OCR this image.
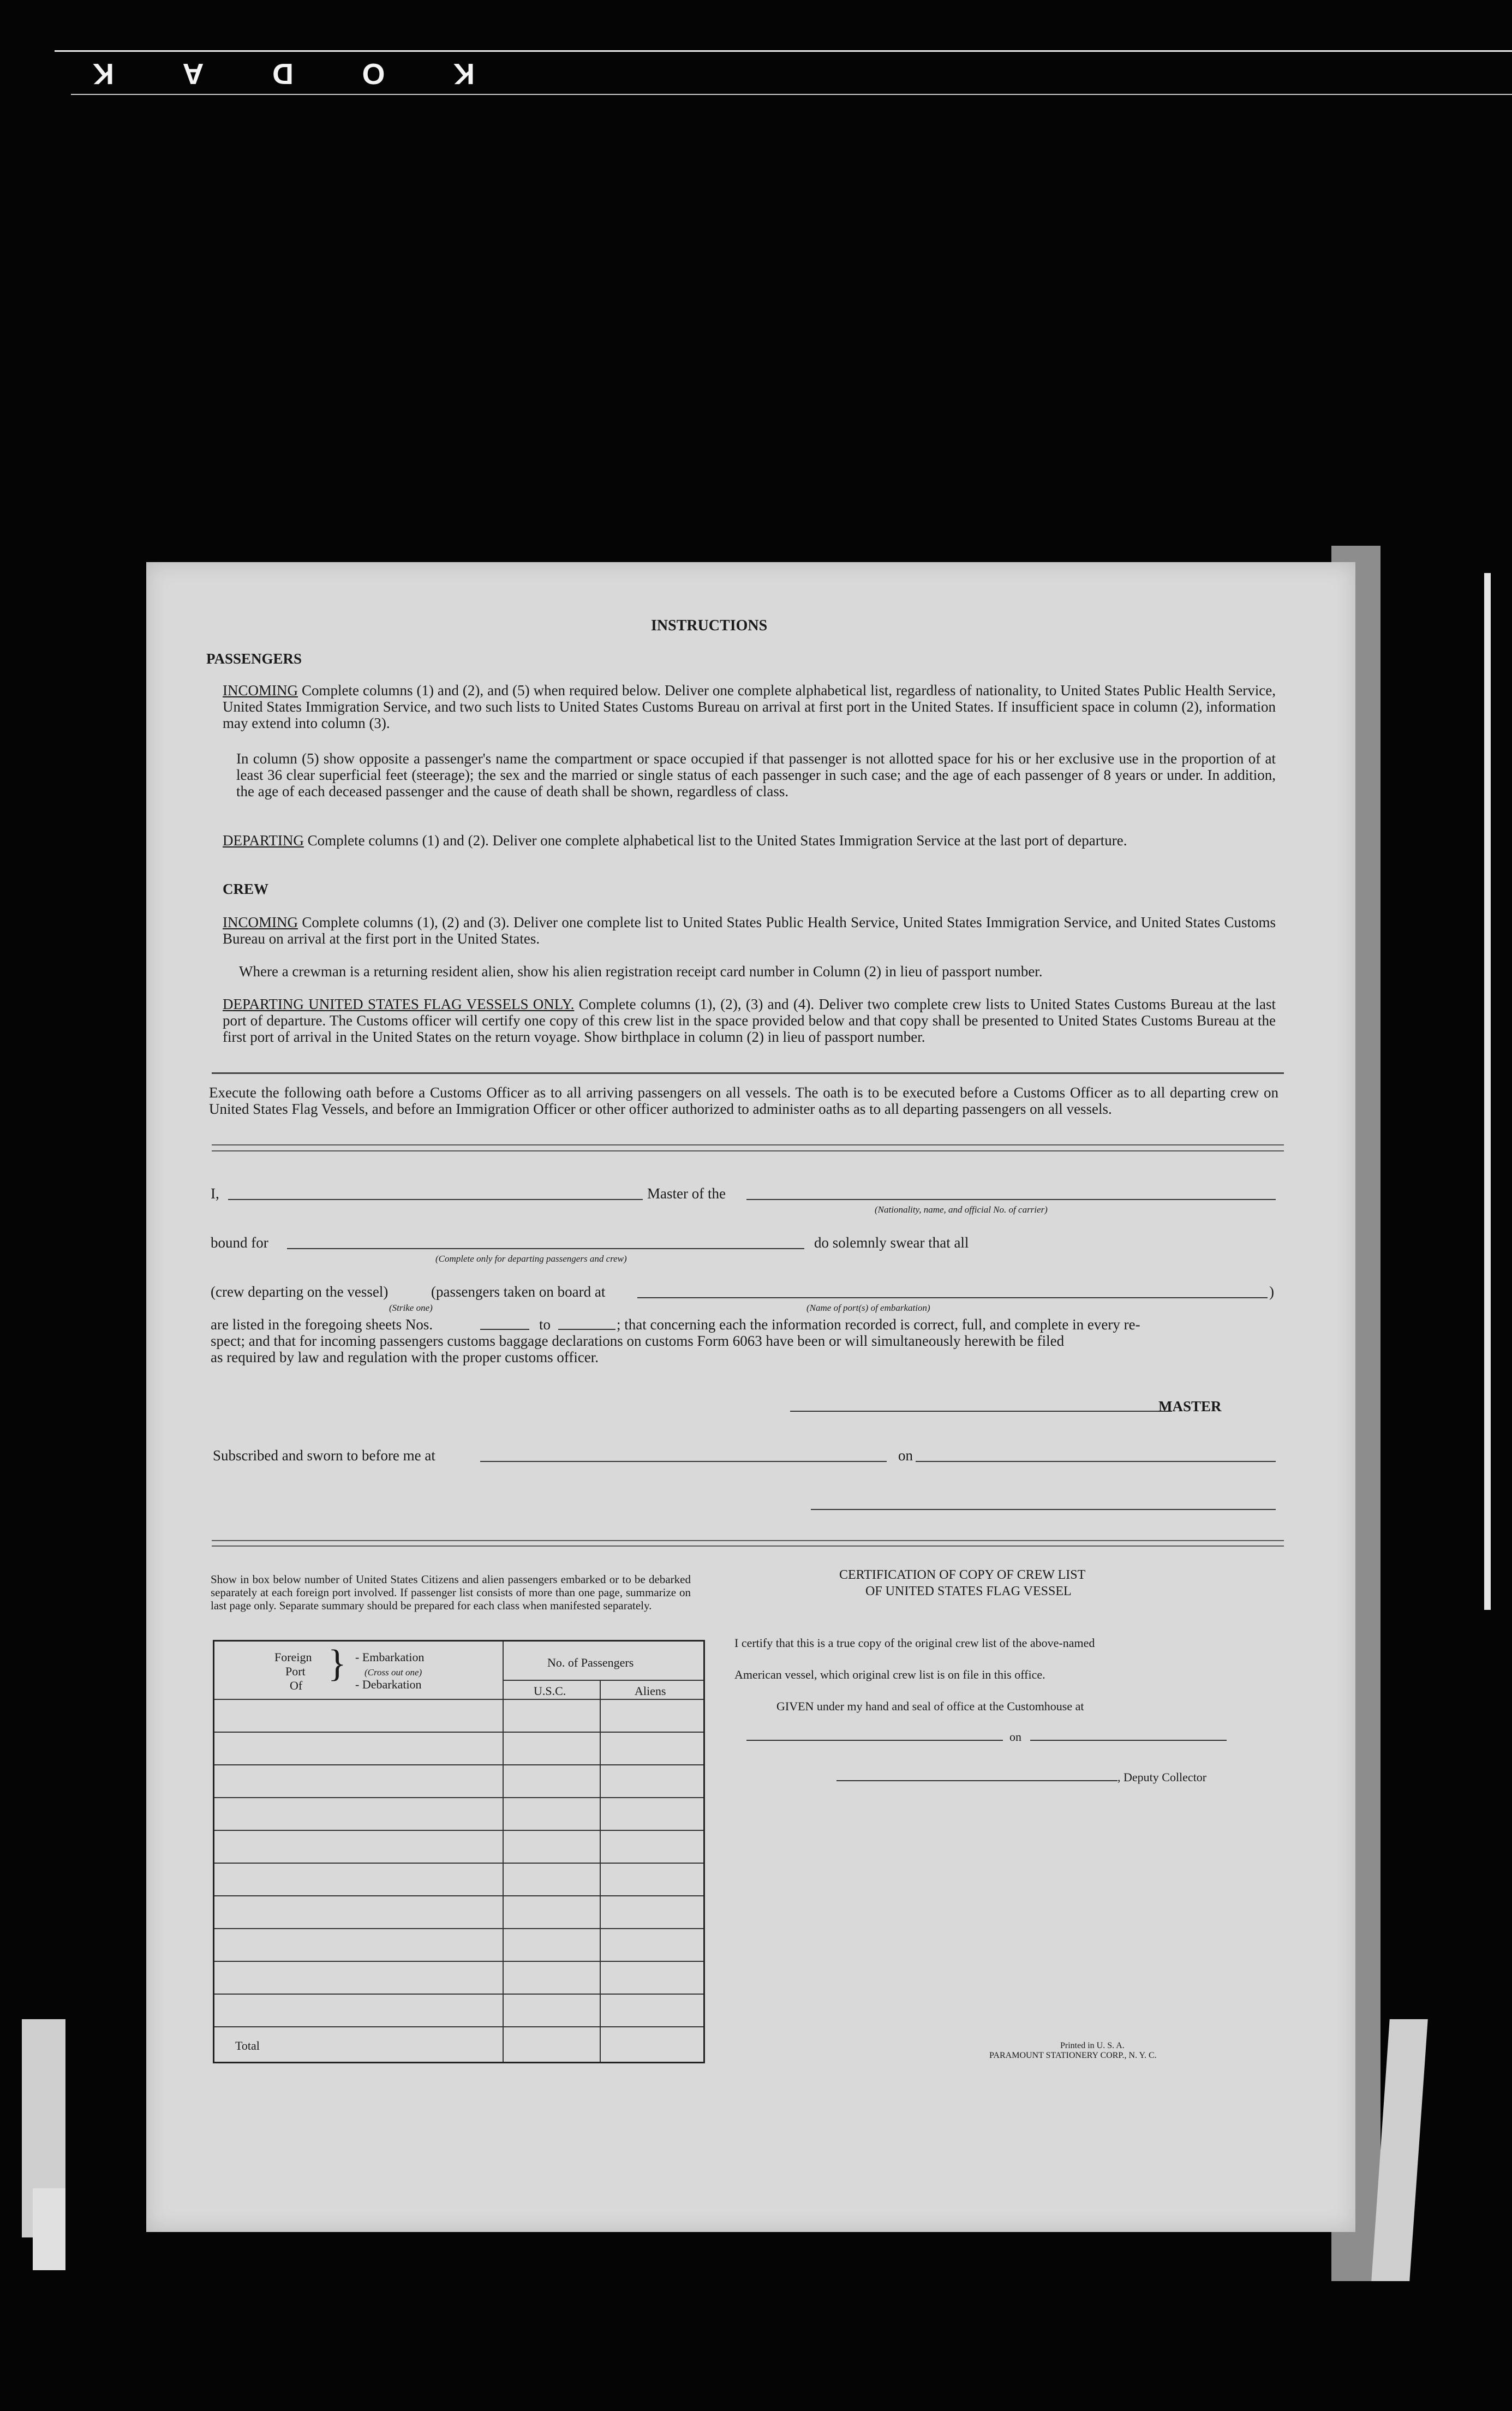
K
O
D
A
K
INSTRUCTIONS
PASSENGERS
INCOMING Complete columns (1) and (2), and (5) when required below. Deliver one complete alphabetical list, regardless of nationality, to United States Public Health Service, United States Immigration Service, and two such lists to United States Customs Bureau on arrival at first port in the United States. If insufficient space in column (2), information may extend into column (3).
In column (5) show opposite a passenger's name the compartment or space occupied if that passenger is not allotted space for his or her exclusive use in the proportion of at least 36 clear superficial feet (steerage); the sex and the married or single status of each passenger in such case; and the age of each passenger of 8 years or under. In addition, the age of each deceased passenger and the cause of death shall be shown, regardless of class.
DEPARTING Complete columns (1) and (2). Deliver one complete alphabetical list to the United States Immigration Service at the last port of departure.
CREW
INCOMING Complete columns (1), (2) and (3). Deliver one complete list to United States Public Health Service, United States Immigration Service, and United States Customs Bureau on arrival at the first port in the United States.
Where a crewman is a returning resident alien, show his alien registration receipt card number in Column (2) in lieu of passport number.
DEPARTING UNITED STATES FLAG VESSELS ONLY. Complete columns (1), (2), (3) and (4). Deliver two complete crew lists to United States Customs Bureau at the last port of departure. The Customs officer will certify one copy of this crew list in the space provided below and that copy shall be presented to United States Customs Bureau at the first port of arrival in the United States on the return voyage. Show birthplace in column (2) in lieu of passport number.
Execute the following oath before a Customs Officer as to all arriving passengers on all vessels. The oath is to be executed before a Customs Officer as to all departing crew on United States Flag Vessels, and before an Immigration Officer or other officer authorized to administer oaths as to all departing passengers on all vessels.
I,	Master of the
(Nationality, name, and official No. of carrier)
bound for
(Complete only for departing passengers and crew)
do solemnly swear that all
(crew departing on the vessel)	(passengers taken on board at	)
(Strike one)	(Name of port(s) of embarkation)
are listed in the foregoing sheets Nos.	to	; that concerning each the information recorded is correct, full, and complete in every re-
spect; and that for incoming passengers customs baggage declarations on customs Form 6063 have been or will simultaneously herewith be filed
as required by law and regulation with the proper customs officer.
MASTER
Subscribed and sworn to before me at	on
Show in box below number of United States Citizens and alien passengers embarked or to be debarked separately at each foreign port involved. If passenger list consists of more than one page, summarize on last page only. Separate summary should be prepared for each class when manifested separately.
Foreign
Port
Of
} - Embarkation
(Cross out one)
- Debarkation
No. of Passengers
U.S.C.	Aliens
Total
CERTIFICATION OF COPY OF CREW LIST
OF UNITED STATES FLAG VESSEL
I certify that this is a true copy of the original crew list of the above-named
American vessel, which original crew list is on file in this office.
GIVEN under my hand and seal of office at the Customhouse at
on
, Deputy Collector
Printed in U. S. A.
PARAMOUNT STATIONERY CORP., N. Y. C.
